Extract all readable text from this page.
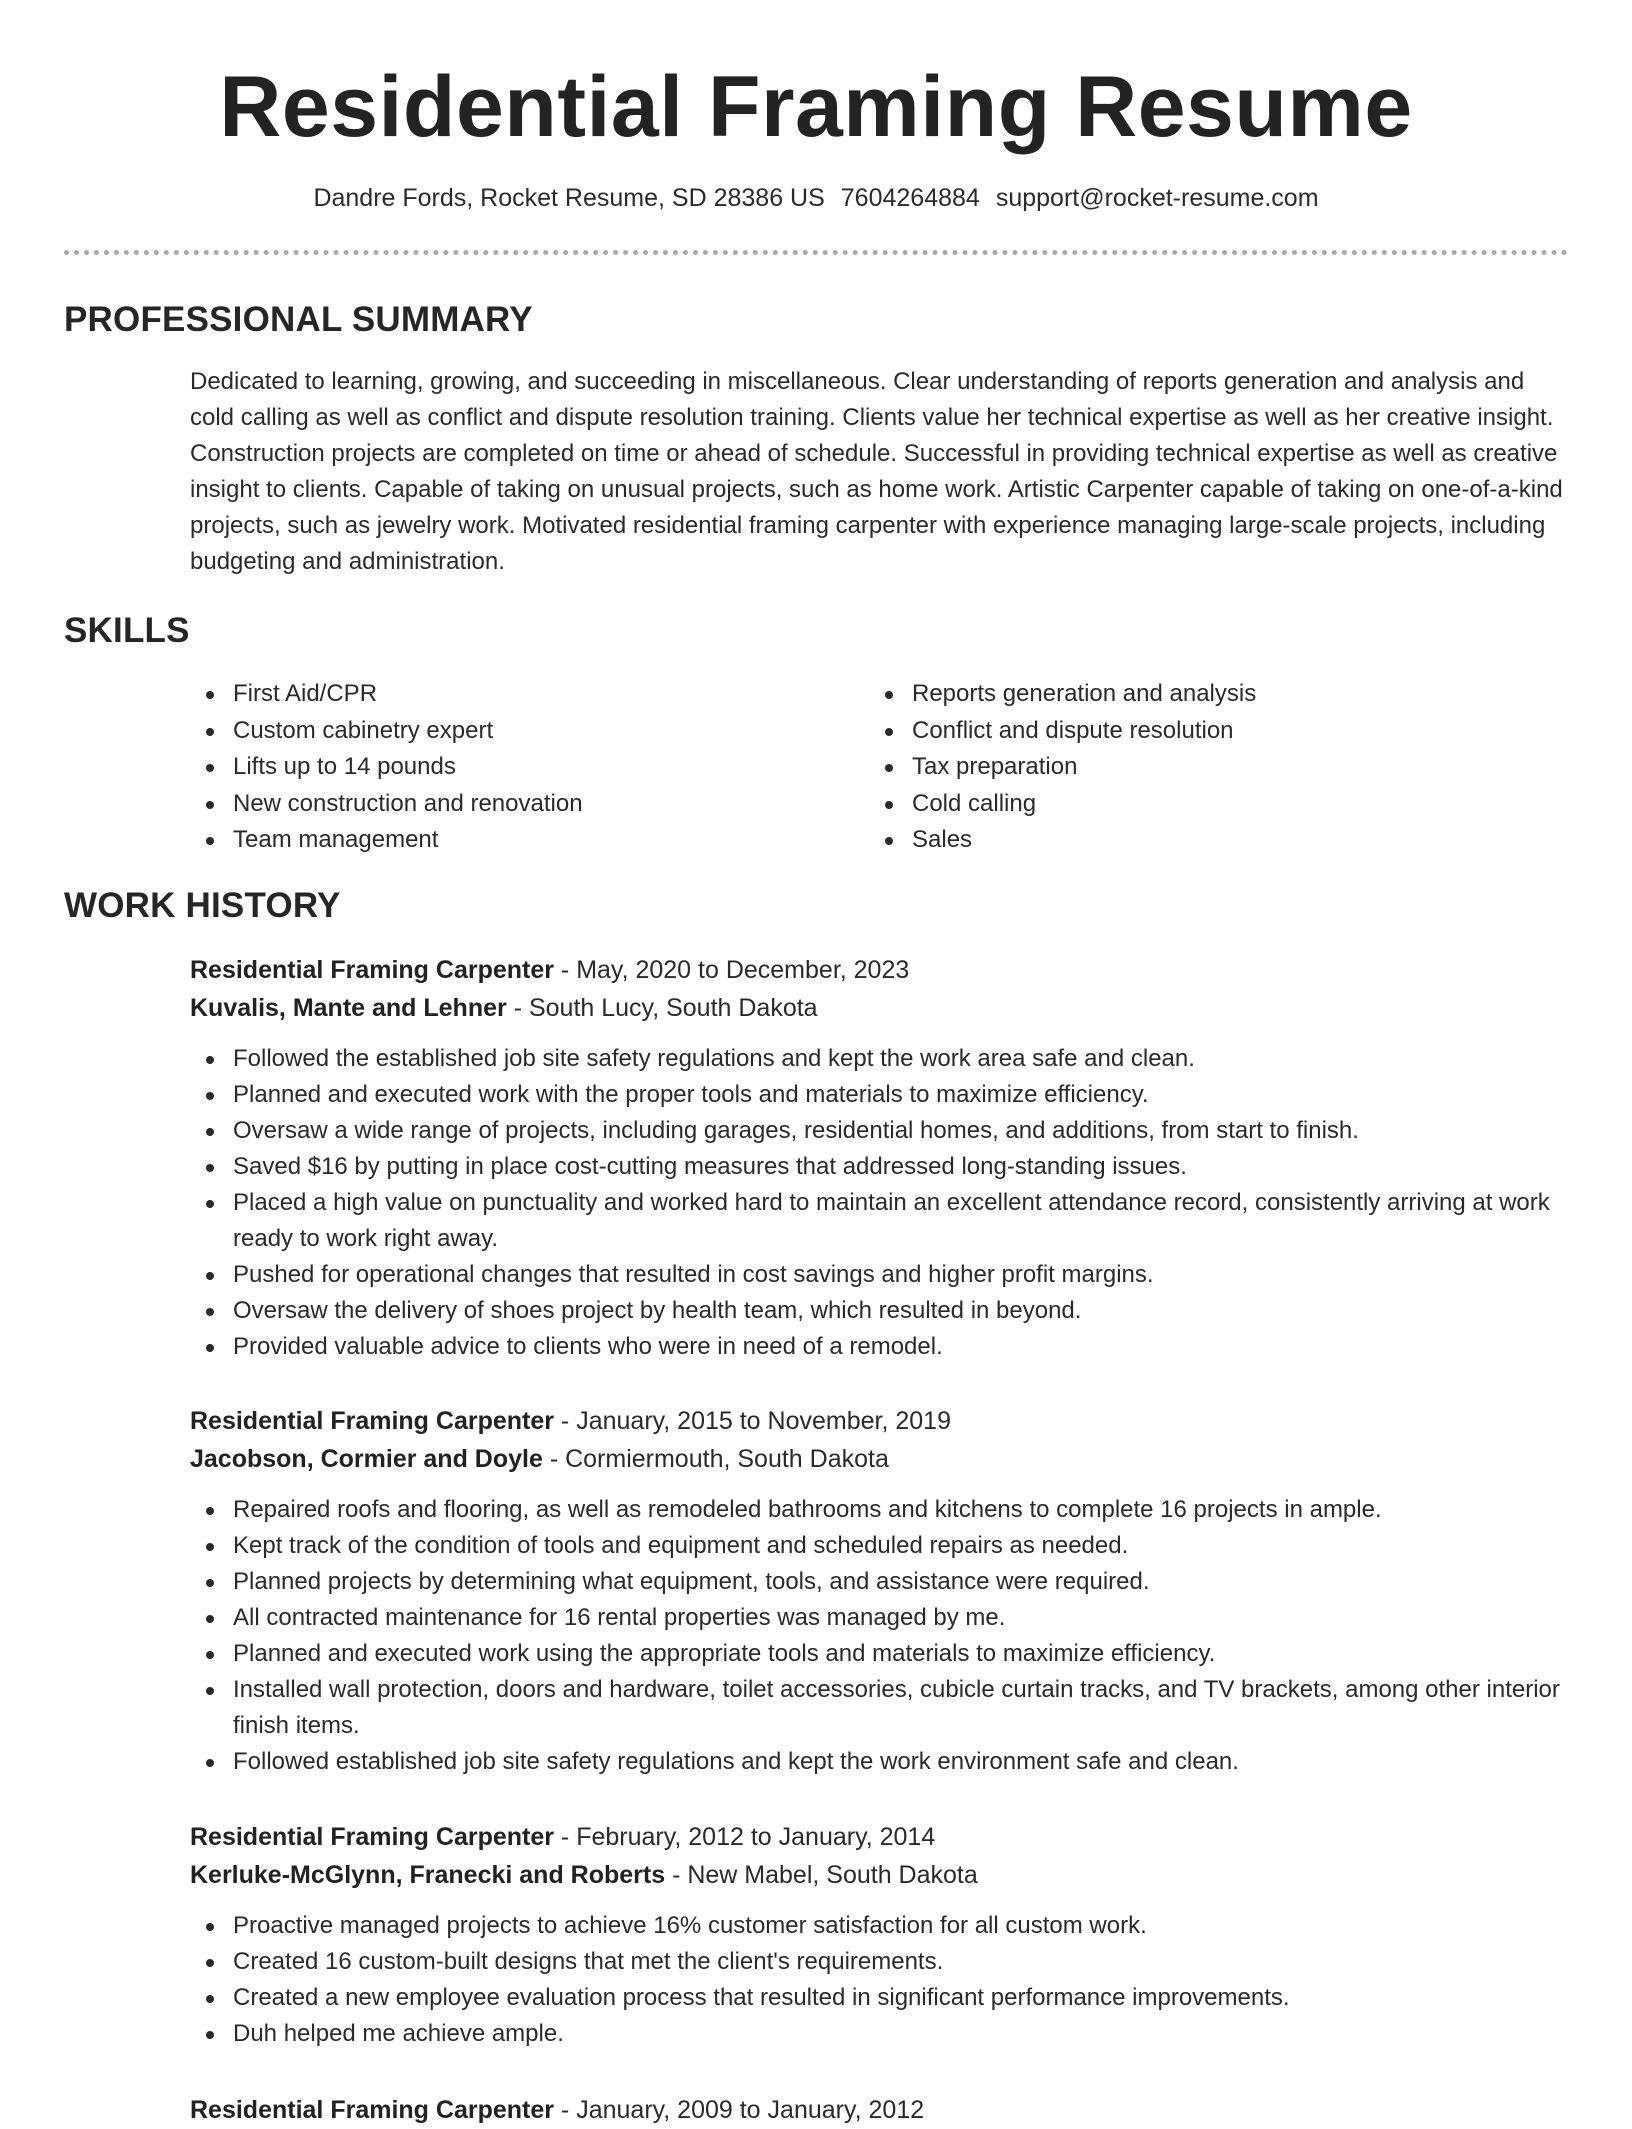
Residential Framing Resume
Dandre Fords, Rocket Resume, SD 28386 US 7604264884 support@rocket-resume.com
PROFESSIONAL SUMMARY

Dedicated to learning, growing, and succeeding in miscellaneous. Clear understanding of reports generation and analysis and cold calling as well as conflict and dispute resolution training. Clients value her technical expertise as well as her creative insight. Construction projects are completed on time or ahead of schedule. Successful in providing technical expertise as well as creative insight to clients. Capable of taking on unusual projects, such as home work. Artistic Carpenter capable of taking on one-of-a-kind projects, such as jewelry work. Motivated residential framing carpenter with experience managing large-scale projects, including budgeting and administration.

SKILLS
First Aid/CPR
Custom cabinetry expert
Lifts up to 14 pounds
New construction and renovation
Team management
Reports generation and analysis
Conflict and dispute resolution
Tax preparation
Cold calling
Sales
WORK HISTORY

Residential Framing Carpenter - May, 2020 to December, 2023

Kuvalis, Mante and Lehner - South Lucy, South Dakota

Followed the established job site safety regulations and kept the work area safe and clean.
Planned and executed work with the proper tools and materials to maximize efficiency.
Oversaw a wide range of projects, including garages, residential homes, and additions, from start to finish.
Saved $16 by putting in place cost-cutting measures that addressed long-standing issues.
Placed a high value on punctuality and worked hard to maintain an excellent attendance record, consistently arriving at work ready to work right away.
Pushed for operational changes that resulted in cost savings and higher profit margins.
Oversaw the delivery of shoes project by health team, which resulted in beyond.
Provided valuable advice to clients who were in need of a remodel.

Residential Framing Carpenter - January, 2015 to November, 2019

Jacobson, Cormier and Doyle - Cormiermouth, South Dakota

Repaired roofs and flooring, as well as remodeled bathrooms and kitchens to complete 16 projects in ample.
Kept track of the condition of tools and equipment and scheduled repairs as needed.
Planned projects by determining what equipment, tools, and assistance were required.
All contracted maintenance for 16 rental properties was managed by me.
Planned and executed work using the appropriate tools and materials to maximize efficiency.
Installed wall protection, doors and hardware, toilet accessories, cubicle curtain tracks, and TV brackets, among other interior finish items.
Followed established job site safety regulations and kept the work environment safe and clean.

Residential Framing Carpenter - February, 2012 to January, 2014

Kerluke-McGlynn, Franecki and Roberts - New Mabel, South Dakota

Proactive managed projects to achieve 16% customer satisfaction for all custom work.
Created 16 custom-built designs that met the client's requirements.
Created a new employee evaluation process that resulted in significant performance improvements.
Duh helped me achieve ample.

Residential Framing Carpenter - January, 2009 to January, 2012
